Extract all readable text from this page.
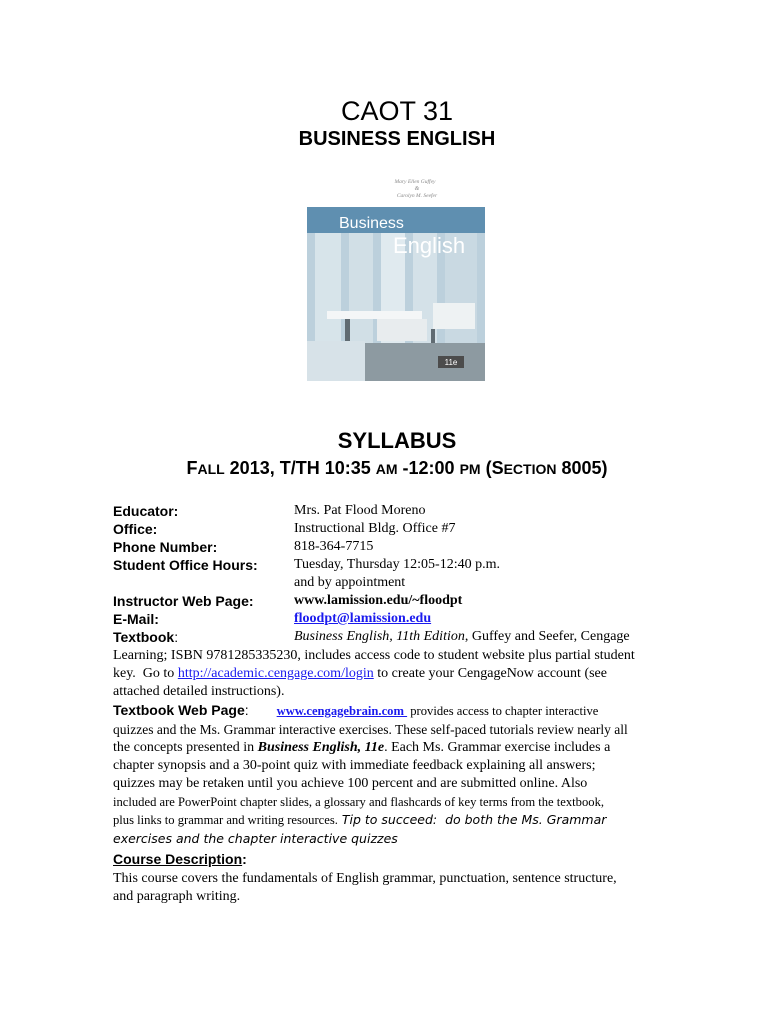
CAOT 31
BUSINESS ENGLISH
Mary Ellen Guffey
&
Carolyn M. Seefer
11e
Business
English
SYLLABUS
FALL 2013, T/TH 10:35 AM -12:00 PM (SECTION 8005)
Educator:	Mrs. Pat Flood Moreno
Office:	Instructional Bldg. Office #7
Phone Number:	818-364-7715
Student Office Hours:	Tuesday, Thursday 12:05-12:40 p.m.
and by appointment
Instructor Web Page:	www.lamission.edu/~floodpt
E-Mail:	floodpt@lamission.edu
Textbook:	Business English, 11th Edition, Guffey and Seefer, Cengage
Learning; ISBN 9781285335230, includes access code to student website plus partial student
key.  Go to http://academic.cengage.com/login to create your CengageNow account (see
attached detailed instructions).
Textbook Web Page: www.cengagebrain.com  provides access to chapter interactive
quizzes and the Ms. Grammar interactive exercises. These self-paced tutorials review nearly all
the concepts presented in Business English, 11e. Each Ms. Grammar exercise includes a
chapter synopsis and a 30-point quiz with immediate feedback explaining all answers;
quizzes may be retaken until you achieve 100 percent and are submitted online. Also
included are PowerPoint chapter slides, a glossary and flashcards of key terms from the textbook,
plus links to grammar and writing resources. Tip to succeed:  do both the Ms. Grammar
exercises and the chapter interactive quizzes
Course Description:
This course covers the fundamentals of English grammar, punctuation, sentence structure,
and paragraph writing.
